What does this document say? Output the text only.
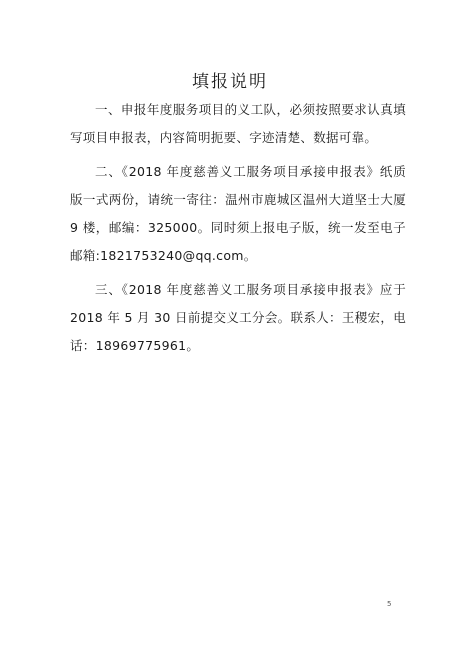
填报说明

一、申报年度服务项目的义工队，必须按照要求认真填写项目申报表，内容简明扼要、字迹清楚、数据可靠。

二、《2018 年度慈善义工服务项目承接申报表》纸质版一式两份，请统一寄往：温州市鹿城区温州大道坚士大厦 9 楼，邮编：325000。同时须上报电子版，统一发至电子邮箱:1821753240@qq.com。

三、《2018 年度慈善义工服务项目承接申报表》应于 2018 年 5 月 30 日前提交义工分会。联系人：王稷宏，电话：18969775961。

5
